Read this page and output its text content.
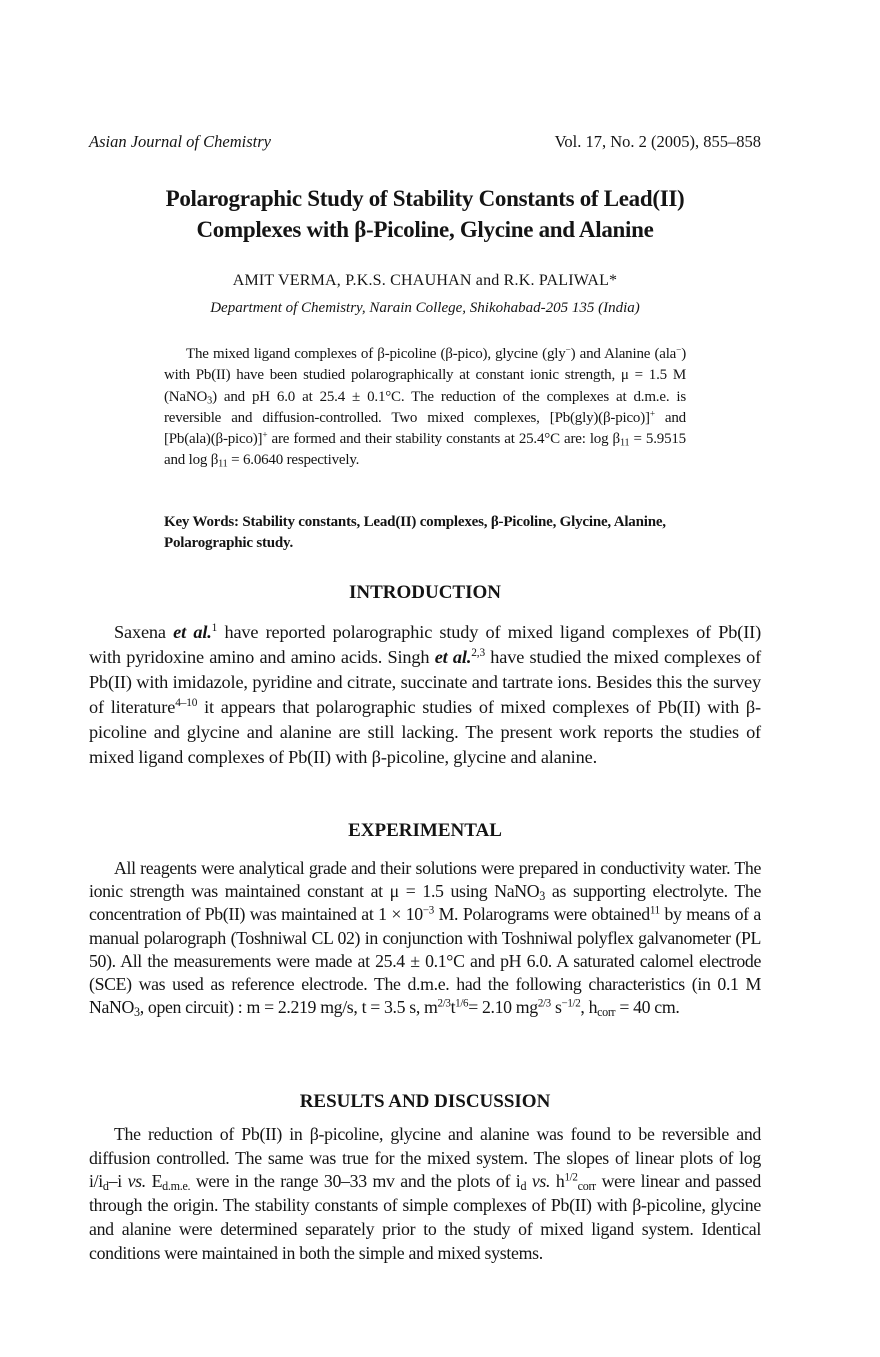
Asian Journal of Chemistry	Vol. 17, No. 2 (2005), 855–858
Polarographic Study of Stability Constants of Lead(II)
Complexes with β-Picoline, Glycine and Alanine
AMIT VERMA, P.K.S. CHAUHAN and R.K. PALIWAL*
Department of Chemistry, Narain College, Shikohabad-205 135 (India)

The mixed ligand complexes of β-picoline (β-pico), glycine (gly−) and Alanine (ala−) with Pb(II) have been studied polarographically at constant ionic strength, μ = 1.5 M (NaNO$_3$) and pH 6.0 at 25.4 ± 0.1°C. The reduction of the complexes at d.m.e. is reversible and diffusion-controlled. Two mixed complexes, [Pb(gly)(β-pico)]+ and [Pb(ala)(β-pico)]+ are formed and their stability constants at 25.4°C are: $\log \beta_{11} = 5.9515$ and $\log \beta_{11} = 6.0640$ respectively.

Key Words: Stability constants, Lead(II) complexes, β-Picoline, Glycine, Alanine, Polarographic study.

INTRODUCTION

Saxena et al.$^1$ have reported polarographic study of mixed ligand complexes of Pb(II) with pyridoxine amino and amino acids. Singh et al.$^{2,3}$ have studied the mixed complexes of Pb(II) with imidazole, pyridine and citrate, succinate and tartrate ions. Besides this the survey of literature$^{4-10}$ it appears that polarographic studies of mixed complexes of Pb(II) with β-picoline and glycine and alanine are still lacking. The present work reports the studies of mixed ligand complexes of Pb(II) with β-picoline, glycine and alanine.

EXPERIMENTAL

All reagents were analytical grade and their solutions were prepared in conductivity water. The ionic strength was maintained constant at μ = 1.5 using NaNO$_3$ as supporting electrolyte. The concentration of Pb(II) was maintained at $1 \times 10^{-3}$ M. Polarograms were obtained$^{11}$ by means of a manual polarograph (Toshniwal CL 02) in conjunction with Toshniwal polyflex galvanometer (PL 50). All the measurements were made at 25.4 ± 0.1°C and pH 6.0. A saturated calomel electrode (SCE) was used as reference electrode. The d.m.e. had the following characteristics (in 0.1 M NaNO$_3$, open circuit) : m = 2.219 mg/s, t = 3.5 s, $m^{2/3}t^{1/6}= 2.10$ $mg^{2/3}$ $s^{-1/2}$, $h_{corr} = 40$ cm.

RESULTS AND DISCUSSION

The reduction of Pb(II) in β-picoline, glycine and alanine was found to be reversible and diffusion controlled. The same was true for the mixed system. The slopes of linear plots of $\log i/i_d-i$ vs. $E_{d.m.e.}$ were in the range 30–33 mv and the plots of $i_d$ vs. $h^{1/2}_{corr}$ were linear and passed through the origin. The stability constants of simple complexes of Pb(II) with β-picoline, glycine and alanine were determined separately prior to the study of mixed ligand system. Identical conditions were maintained in both the simple and mixed systems.
